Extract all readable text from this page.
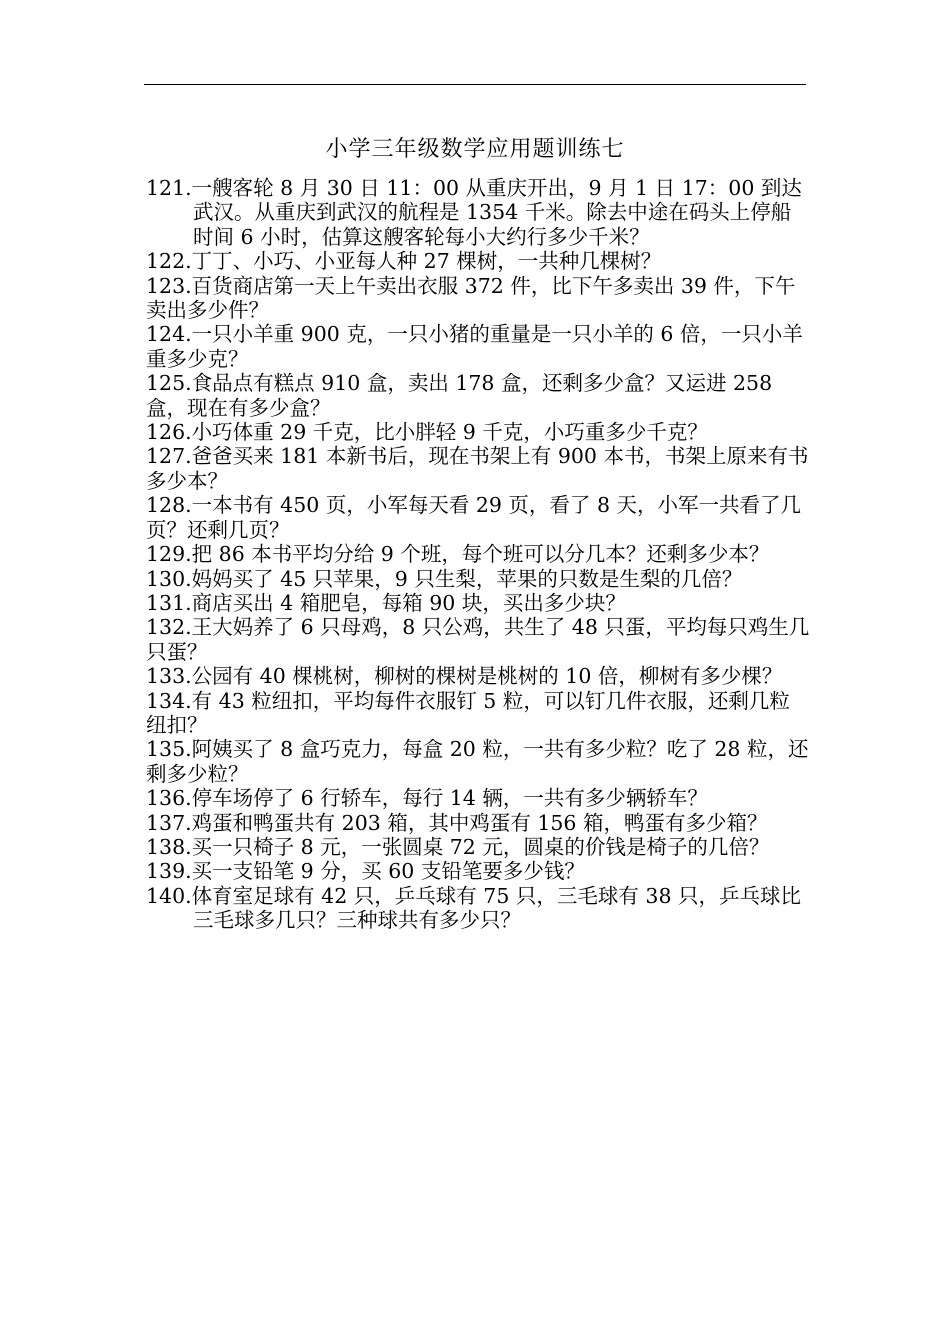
小学三年级数学应用题训练七
121.一艘客轮 8 月 30 日 11：00 从重庆开出，9 月 1 日 17：00 到达武汉。从重庆到武汉的航程是 1354 千米。除去中途在码头上停船时间 6 小时，估算这艘客轮每小大约行多少千米？
122.丁丁、小巧、小亚每人种 27 棵树，一共种几棵树？
123.百货商店第一天上午卖出衣服 372 件，比下午多卖出 39 件，下午卖出多少件？
124.一只小羊重 900 克，一只小猪的重量是一只小羊的 6 倍，一只小羊重多少克？
125.食品点有糕点 910 盒，卖出 178 盒，还剩多少盒？又运进 258 盒，现在有多少盒？
126.小巧体重 29 千克，比小胖轻 9 千克，小巧重多少千克？
127.爸爸买来 181 本新书后，现在书架上有 900 本书，书架上原来有书多少本？
128.一本书有 450 页，小军每天看 29 页，看了 8 天，小军一共看了几页？还剩几页？
129.把 86 本书平均分给 9 个班，每个班可以分几本？还剩多少本？
130.妈妈买了 45 只苹果，9 只生梨，苹果的只数是生梨的几倍？
131.商店买出 4 箱肥皂，每箱 90 块，买出多少块？
132.王大妈养了 6 只母鸡，8 只公鸡，共生了 48 只蛋，平均每只鸡生几只蛋？
133.公园有 40 棵桃树，柳树的棵树是桃树的 10 倍，柳树有多少棵？
134.有 43 粒纽扣，平均每件衣服钉 5 粒，可以钉几件衣服，还剩几粒纽扣？
135.阿姨买了 8 盒巧克力，每盒 20 粒，一共有多少粒？吃了 28 粒，还剩多少粒？
136.停车场停了 6 行轿车，每行 14 辆，一共有多少辆轿车？
137.鸡蛋和鸭蛋共有 203 箱，其中鸡蛋有 156 箱，鸭蛋有多少箱？
138.买一只椅子 8 元，一张圆桌 72 元，圆桌的价钱是椅子的几倍？
139.买一支铅笔 9 分，买 60 支铅笔要多少钱？
140.体育室足球有 42 只，乒乓球有 75 只，三毛球有 38 只，乒乓球比三毛球多几只？三种球共有多少只？
